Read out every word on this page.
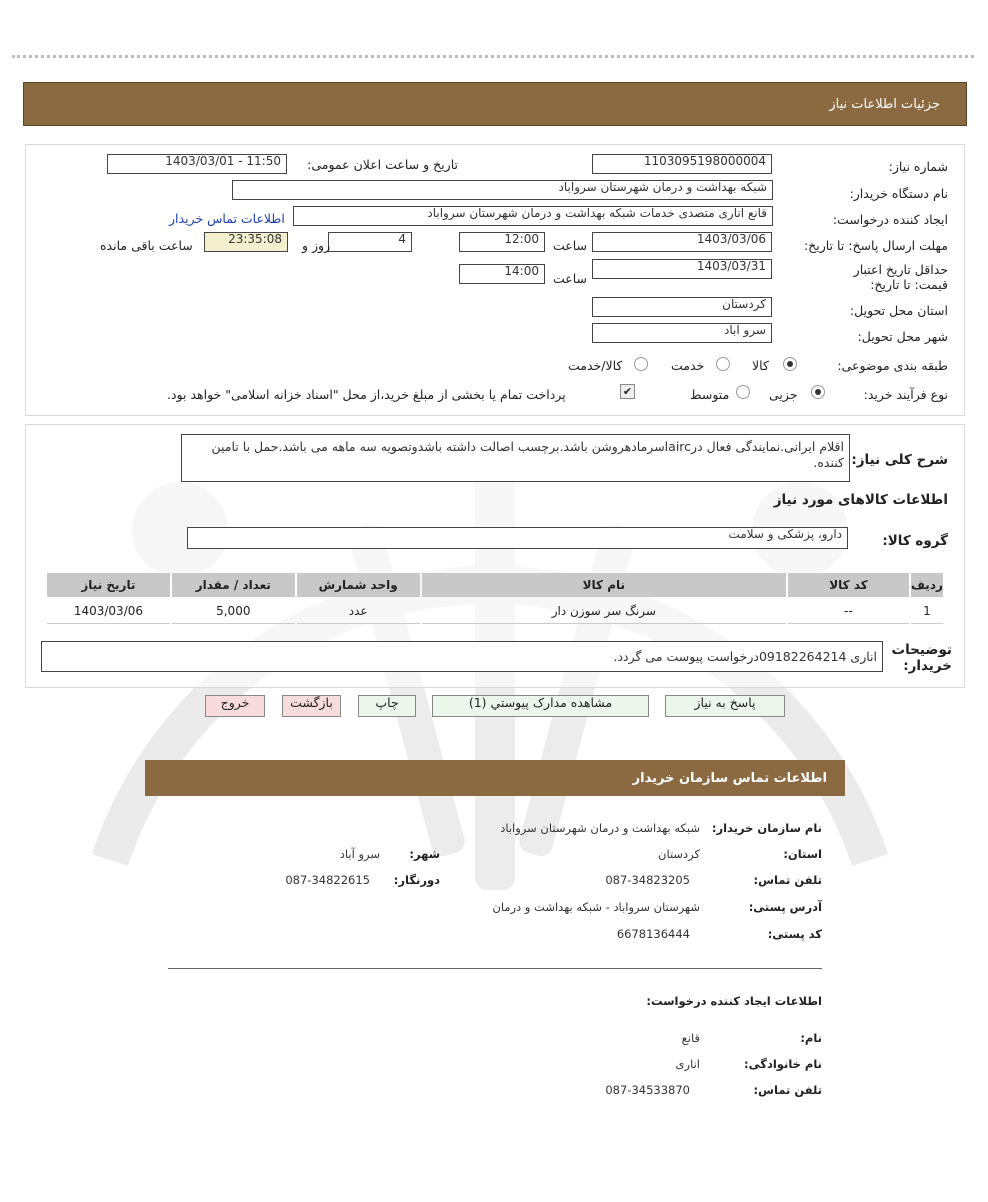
جزئیات اطلاعات نیاز
شماره نیاز:
1103095198000004
تاریخ و ساعت اعلان عمومی:
1403/03/01 - 11:50
نام دستگاه خریدار:
شبکه بهداشت و درمان شهرستان سرواباد
ایجاد کننده درخواست:
قانع اناری متصدی خدمات شبکه بهداشت و درمان شهرستان سرواباد
اطلاعات تماس خریدار
مهلت ارسال پاسخ: تا تاریخ:
1403/03/06
ساعت
12:00
4
روز و
23:35:08
ساعت باقی مانده
حداقل تاریخ اعتبار قیمت: تا تاریخ:
1403/03/31
ساعت
14:00
استان محل تحویل:
کردستان
شهر محل تحویل:
سرو آباد
طبقه بندی موضوعی:
کالا
خدمت
کالا/خدمت
نوع فرآیند خرید:
جزیی
متوسط
✔
پرداخت تمام یا بخشی از مبلغ خرید،از محل "اسناد خزانه اسلامی" خواهد بود.
شرح کلی نیاز:
اقلام ایرانی.نمایندگی فعال درaircاسرمادهروشن باشد.برچسب اصالت داشته باشدوتصویه سه ماهه می باشد.حمل با تامین کننده.
اطلاعات کالاهای مورد نیاز
گروه کالا:
دارو، پزشکی و سلامت
ردیف	کد کالا	نام کالا	واحد شمارش	تعداد / مقدار	تاریخ نیاز
1	--	سرنگ سر سوزن دار	عدد	5,000	1403/03/06
توضیحات خریدار:
اناری 09182264214درخواست پیوست می گردد.
پاسخ به نیاز
مشاهده مدارک پیوستي (1)
چاپ
بازگشت
خروج
اطلاعات تماس سازمان خریدار
نام سازمان خریدار:
شبکه بهداشت و درمان شهرستان سرواباد
استان:
کردستان
شهر:
سرو آباد
تلفن تماس:
087-34823205
دورنگار:
087-34822615
آدرس پستی:
شهرستان سرواباد - شبکه بهداشت و درمان
کد پستی:
6678136444
اطلاعات ایجاد کننده درخواست:
نام:
قانع
نام خانوادگی:
اناری
تلفن تماس:
087-34533870
